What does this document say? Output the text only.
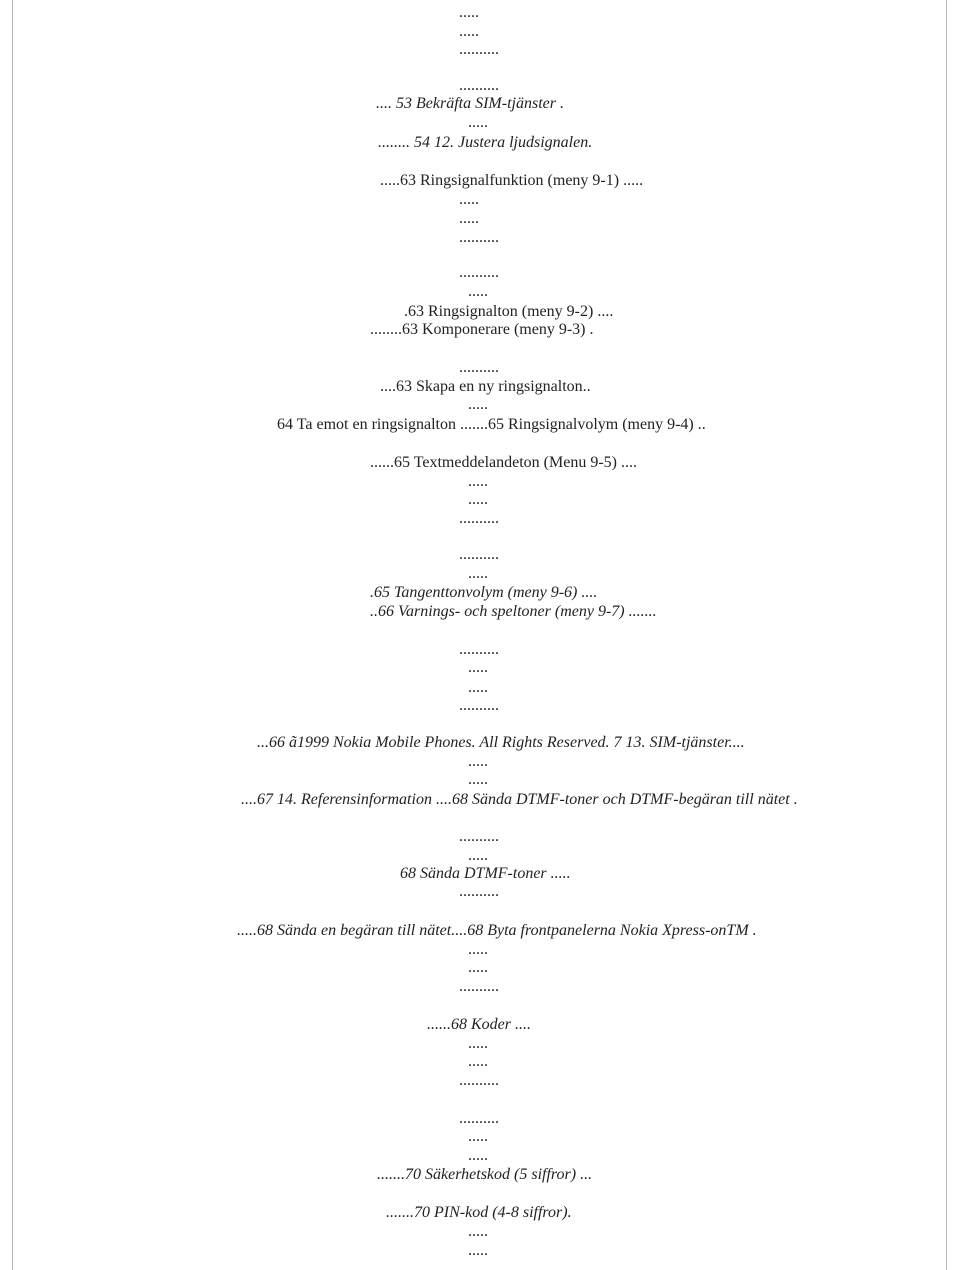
.....
.....
..........
..........
.... 53 Bekräfta SIM-tjänster .
.....
........ 54 12. Justera ljudsignalen.
.....63 Ringsignalfunktion (meny 9-1) .....
.....
.....
..........
..........
.....
.63 Ringsignalton (meny 9-2) ....
........63 Komponerare (meny 9-3) .
..........
....63 Skapa en ny ringsignalton..
.....
64 Ta emot en ringsignalton .......65 Ringsignalvolym (meny 9-4) ..
......65 Textmeddelandeton (Menu 9-5) ....
.....
.....
..........
..........
.....
.65 Tangenttonvolym (meny 9-6) ....
..66 Varnings- och speltoner (meny 9-7) .......
..........
.....
.....
..........
...66 ã1999 Nokia Mobile Phones. All Rights Reserved. 7 13. SIM-tjänster....
.....
.....
....67 14. Referensinformation ....68 Sända DTMF-toner och DTMF-begäran till nätet .
..........
.....
68 Sända DTMF-toner .....
..........
.....68 Sända en begäran till nätet....68 Byta frontpanelerna Nokia Xpress-onTM .
.....
.....
..........
......68 Koder ....
.....
.....
..........
..........
.....
.....
.......70 Säkerhetskod (5 siffror) ...
.......70 PIN-kod (4-8 siffror).
.....
.....
